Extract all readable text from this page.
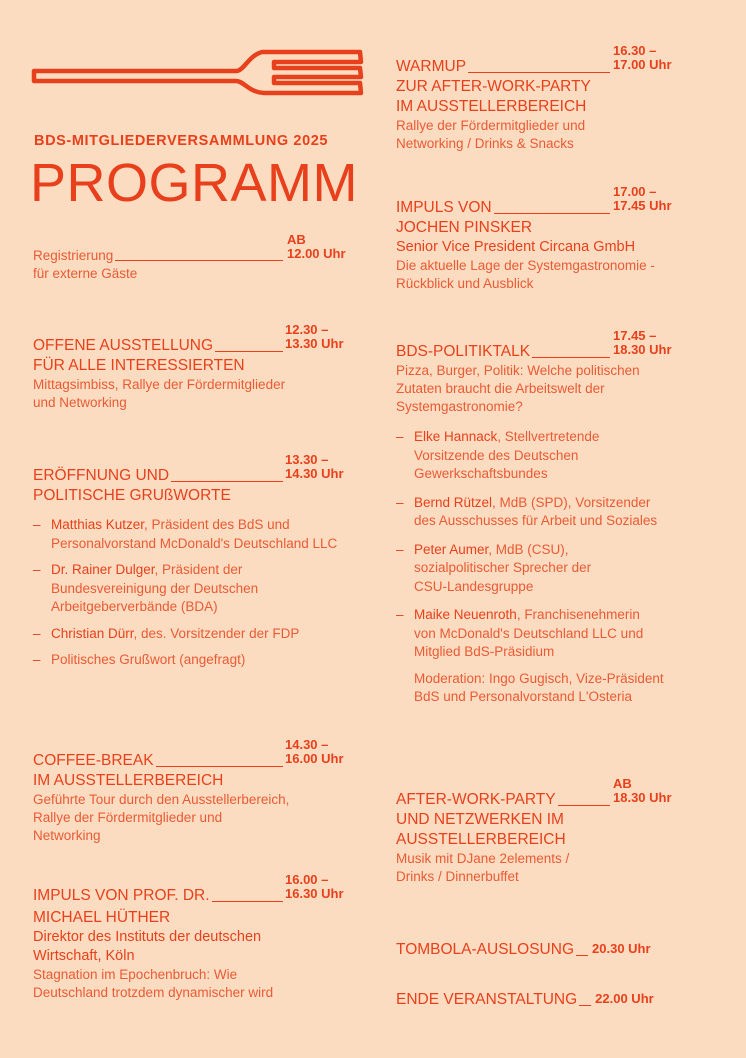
BDS-MITGLIEDERVERSAMMLUNG 2025
PROGRAMM
Registrierung
AB
12.00 Uhr
für externe Gäste
OFFENE AUSSTELLUNG
12.30 –
13.30 Uhr
FÜR ALLE INTERESSIERTEN
Mittagsimbiss, Rallye der Fördermitglieder
und Networking
ERÖFFNUNG UND
13.30 –
14.30 Uhr
POLITISCHE GRUßWORTE
– Matthias Kutzer, Präsident des BdS und
Personalvorstand McDonald's Deutschland LLC
– Dr. Rainer Dulger, Präsident der
Bundesvereinigung der Deutschen
Arbeitgeberverbände (BDA)
– Christian Dürr, des. Vorsitzender der FDP
– Politisches Grußwort (angefragt)
COFFEE-BREAK
14.30 –
16.00 Uhr
IM AUSSTELLERBEREICH
Geführte Tour durch den Ausstellerbereich,
Rallye der Fördermitglieder und
Networking
IMPULS VON PROF. DR.
16.00 –
16.30 Uhr
MICHAEL HÜTHER
Direktor des Instituts der deutschen
Wirtschaft, Köln
Stagnation im Epochenbruch: Wie
Deutschland trotzdem dynamischer wird
WARMUP
16.30 –
17.00 Uhr
ZUR AFTER-WORK-PARTY
IM AUSSTELLERBEREICH
Rallye der Fördermitglieder und
Networking / Drinks & Snacks
IMPULS VON
17.00 –
17.45 Uhr
JOCHEN PINSKER
Senior Vice President Circana GmbH
Die aktuelle Lage der Systemgastronomie -
Rückblick und Ausblick
BDS-POLITIKTALK
17.45 –
18.30 Uhr
Pizza, Burger, Politik: Welche politischen
Zutaten braucht die Arbeitswelt der
Systemgastronomie?
– Elke Hannack, Stellvertretende
Vorsitzende des Deutschen
Gewerkschaftsbundes
– Bernd Rützel, MdB (SPD), Vorsitzender
des Ausschusses für Arbeit und Soziales
– Peter Aumer, MdB (CSU),
sozialpolitischer Sprecher der
CSU-Landesgruppe
– Maike Neuenroth, Franchisenehmerin
von McDonald's Deutschland LLC und
Mitglied BdS-Präsidium
Moderation: Ingo Gugisch, Vize-Präsident
BdS und Personalvorstand L'Osteria
AFTER-WORK-PARTY
AB
18.30 Uhr
UND NETZWERKEN IM
AUSSTELLERBEREICH
Musik mit DJane 2elements /
Drinks / Dinnerbuffet
TOMBOLA-AUSLOSUNG 20.30 Uhr
ENDE VERANSTALTUNG 22.00 Uhr
